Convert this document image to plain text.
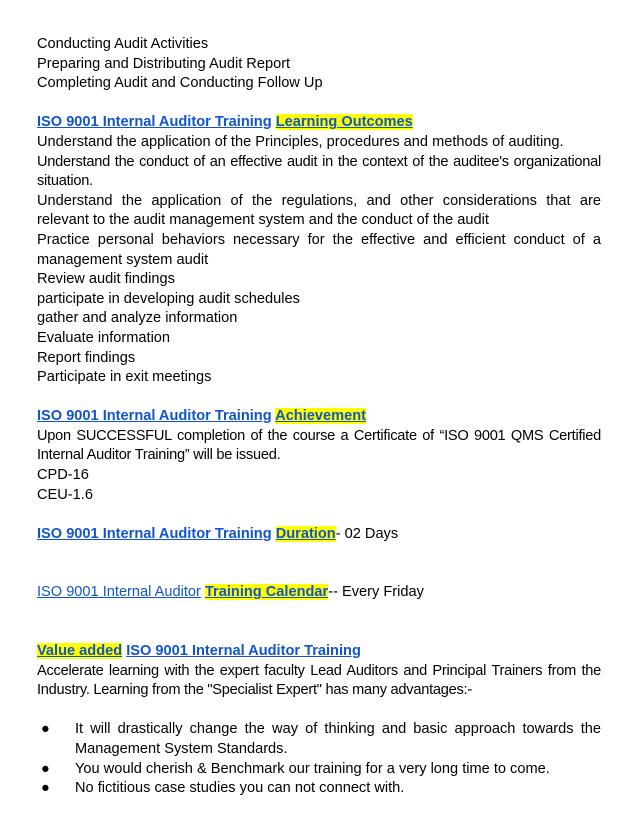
Conducting Audit Activities

Preparing and Distributing Audit Report

Completing Audit and Conducting Follow Up

ISO 9001 Internal Auditor Training Learning Outcomes

Understand the application of the Principles, procedures and methods of auditing.

Understand the conduct of an effective audit in the context of the auditee's organizational situation.

Understand the application of the regulations, and other considerations that are relevant to the audit management system and the conduct of the audit

Practice personal behaviors necessary for the effective and efficient conduct of a management system audit

Review audit findings

participate in developing audit schedules

gather and analyze information

Evaluate information

Report findings

Participate in exit meetings

ISO 9001 Internal Auditor Training Achievement

Upon SUCCESSFUL completion of the course a Certificate of “ISO 9001 QMS Certified Internal Auditor Training” will be issued.

CPD-16

CEU-1.6

ISO 9001 Internal Auditor Training Duration- 02 Days

ISO 9001 Internal Auditor Training Calendar-- Every Friday

Value added ISO 9001 Internal Auditor Training

Accelerate learning with the expert faculty Lead Auditors and Principal Trainers from the Industry. Learning from the "Specialist Expert" has many advantages:-

● It will drastically change the way of thinking and basic approach towards the Management System Standards.
● You would cherish & Benchmark our training for a very long time to come.
● No fictitious case studies you can not connect with.
